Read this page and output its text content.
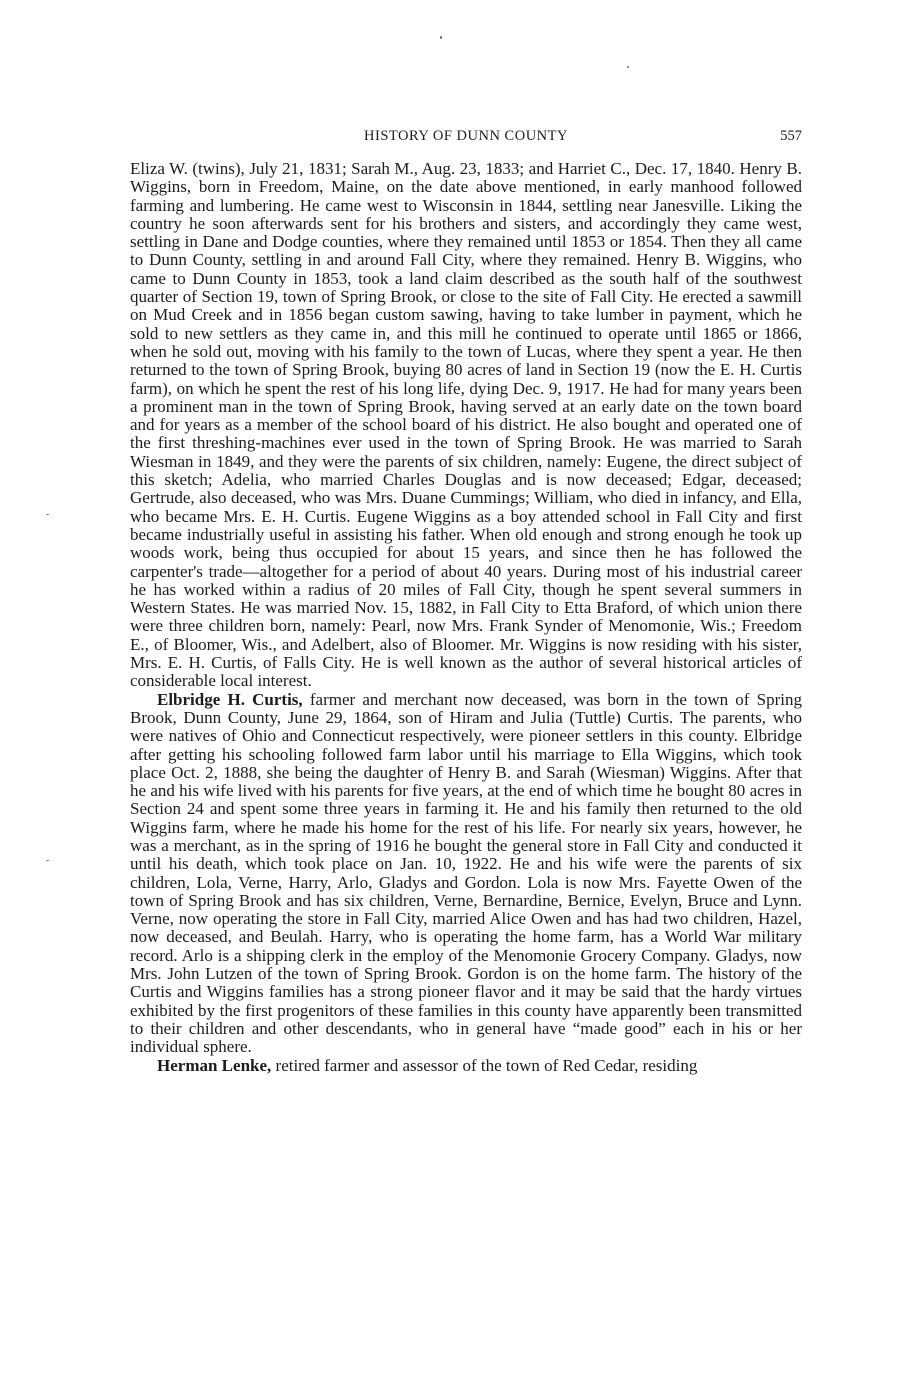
HISTORY OF DUNN COUNTY	557

Eliza W. (twins), July 21, 1831; Sarah M., Aug. 23, 1833; and Harriet C., Dec. 17, 1840. Henry B. Wiggins, born in Freedom, Maine, on the date above mentioned, in early manhood followed farming and lumbering. He came west to Wisconsin in 1844, settling near Janesville. Liking the country he soon afterwards sent for his brothers and sisters, and accordingly they came west, settling in Dane and Dodge counties, where they remained until 1853 or 1854. Then they all came to Dunn County, settling in and around Fall City, where they remained. Henry B. Wiggins, who came to Dunn County in 1853, took a land claim described as the south half of the southwest quarter of Section 19, town of Spring Brook, or close to the site of Fall City. He erected a sawmill on Mud Creek and in 1856 began custom sawing, having to take lumber in payment, which he sold to new settlers as they came in, and this mill he continued to operate until 1865 or 1866, when he sold out, moving with his family to the town of Lucas, where they spent a year. He then returned to the town of Spring Brook, buying 80 acres of land in Section 19 (now the E. H. Curtis farm), on which he spent the rest of his long life, dying Dec. 9, 1917. He had for many years been a prominent man in the town of Spring Brook, having served at an early date on the town board and for years as a member of the school board of his district. He also bought and operated one of the first threshing-machines ever used in the town of Spring Brook. He was married to Sarah Wiesman in 1849, and they were the parents of six children, namely: Eugene, the direct subject of this sketch; Adelia, who married Charles Douglas and is now deceased; Edgar, deceased; Gertrude, also deceased, who was Mrs. Duane Cummings; William, who died in infancy, and Ella, who became Mrs. E. H. Curtis. Eugene Wiggins as a boy attended school in Fall City and first became industrially useful in assisting his father. When old enough and strong enough he took up woods work, being thus occupied for about 15 years, and since then he has followed the carpenter's trade—altogether for a period of about 40 years. During most of his industrial career he has worked within a radius of 20 miles of Fall City, though he spent several summers in Western States. He was married Nov. 15, 1882, in Fall City to Etta Braford, of which union there were three children born, namely: Pearl, now Mrs. Frank Synder of Menomonie, Wis.; Freedom E., of Bloomer, Wis., and Adelbert, also of Bloomer. Mr. Wiggins is now residing with his sister, Mrs. E. H. Curtis, of Falls City. He is well known as the author of several historical articles of considerable local interest.

Elbridge H. Curtis, farmer and merchant now deceased, was born in the town of Spring Brook, Dunn County, June 29, 1864, son of Hiram and Julia (Tuttle) Curtis. The parents, who were natives of Ohio and Connecticut respectively, were pioneer settlers in this county. Elbridge after getting his schooling followed farm labor until his marriage to Ella Wiggins, which took place Oct. 2, 1888, she being the daughter of Henry B. and Sarah (Wiesman) Wiggins. After that he and his wife lived with his parents for five years, at the end of which time he bought 80 acres in Section 24 and spent some three years in farming it. He and his family then returned to the old Wiggins farm, where he made his home for the rest of his life. For nearly six years, however, he was a merchant, as in the spring of 1916 he bought the general store in Fall City and conducted it until his death, which took place on Jan. 10, 1922. He and his wife were the parents of six children, Lola, Verne, Harry, Arlo, Gladys and Gordon. Lola is now Mrs. Fayette Owen of the town of Spring Brook and has six children, Verne, Bernardine, Bernice, Evelyn, Bruce and Lynn. Verne, now operating the store in Fall City, married Alice Owen and has had two children, Hazel, now deceased, and Beulah. Harry, who is operating the home farm, has a World War military record. Arlo is a shipping clerk in the employ of the Menomonie Grocery Company. Gladys, now Mrs. John Lutzen of the town of Spring Brook. Gordon is on the home farm. The history of the Curtis and Wiggins families has a strong pioneer flavor and it may be said that the hardy virtues exhibited by the first progenitors of these families in this county have apparently been transmitted to their children and other descendants, who in general have “made good” each in his or her individual sphere.

Herman Lenke, retired farmer and assessor of the town of Red Cedar, residing
